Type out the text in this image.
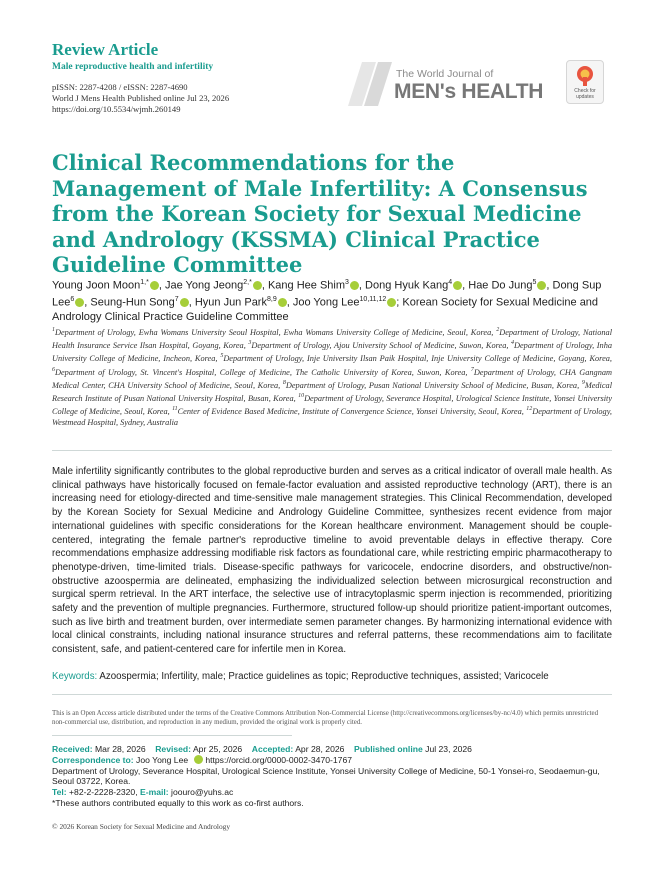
Review Article
Male reproductive health and infertility
pISSN: 2287-4208 / eISSN: 2287-4690
World J Mens Health Published online Jul 23, 2026
https://doi.org/10.5534/wjmh.260149
The World Journal of
MEN's HEALTH	Check for updates
Clinical Recommendations for the Management of Male Infertility: A Consensus from the Korean Society for Sexual Medicine and Andrology (KSSMA) Clinical Practice Guideline Committee
Young Joon Moon$^{1,*}$ , Jae Yong Jeong$^{2,*}$ , Kang Hee Shim$^3$ , Dong Hyuk Kang$^4$ , Hae Do Jung$^5$ , Dong Sup Lee$^6$ , Seung-Hun Song$^7$ , Hyun Jun Park$^{8,9}$ , Joo Yong Lee$^{10,11,12}$ ; Korean Society for Sexual Medicine and Andrology Clinical Practice Guideline Committee
$^1$Department of Urology, Ewha Womans University Seoul Hospital, Ewha Womans University College of Medicine, Seoul, Korea, $^2$Department of Urology, National Health Insurance Service Ilsan Hospital, Goyang, Korea, $^3$Department of Urology, Ajou University School of Medicine, Suwon, Korea, $^4$Department of Urology, Inha University College of Medicine, Incheon, Korea, $^5$Department of Urology, Inje University Ilsan Paik Hospital, Inje University College of Medicine, Goyang, Korea, $^6$Department of Urology, St. Vincent's Hospital, College of Medicine, The Catholic University of Korea, Suwon, Korea, $^7$Department of Urology, CHA Gangnam Medical Center, CHA University School of Medicine, Seoul, Korea, $^8$Department of Urology, Pusan National University School of Medicine, Busan, Korea, $^9$Medical Research Institute of Pusan National University Hospital, Busan, Korea, $^{10}$Department of Urology, Severance Hospital, Urological Science Institute, Yonsei University College of Medicine, Seoul, Korea, $^{11}$Center of Evidence Based Medicine, Institute of Convergence Science, Yonsei University, Seoul, Korea, $^{12}$Department of Urology, Westmead Hospital, Sydney, Australia
Male infertility significantly contributes to the global reproductive burden and serves as a critical indicator of overall male health. As clinical pathways have historically focused on female-factor evaluation and assisted reproductive technology (ART), there is an increasing need for etiology-directed and time-sensitive male management strategies. This Clinical Recommendation, developed by the Korean Society for Sexual Medicine and Andrology Guideline Committee, synthesizes recent evidence from major international guidelines with specific considerations for the Korean healthcare environment. Management should be couple-centered, integrating the female partner's reproductive timeline to avoid preventable delays in effective therapy. Core recommendations emphasize addressing modifiable risk factors as foundational care, while restricting empiric pharmacotherapy to phenotype-driven, time-limited trials. Disease-specific pathways for varicocele, endocrine disorders, and obstructive/non-obstructive azoospermia are delineated, emphasizing the individualized selection between microsurgical reconstruction and surgical sperm retrieval. In the ART interface, the selective use of intracytoplasmic sperm injection is recommended, prioritizing safety and the prevention of multiple pregnancies. Furthermore, structured follow-up should prioritize patient-important outcomes, such as live birth and treatment burden, over intermediate semen parameter changes. By harmonizing international evidence with local clinical constraints, including national insurance structures and referral patterns, these recommendations aim to facilitate consistent, safe, and patient-centered care for infertile men in Korea.
Keywords: Azoospermia; Infertility, male; Practice guidelines as topic; Reproductive techniques, assisted; Varicocele
This is an Open Access article distributed under the terms of the Creative Commons Attribution Non-Commercial License (http://creativecommons.org/licenses/by-nc/4.0) which permits unrestricted non-commercial use, distribution, and reproduction in any medium, provided the original work is properly cited.
Received: Mar 28, 2026 Revised: Apr 25, 2026 Accepted: Apr 28, 2026 Published online Jul 23, 2026
Correspondence to: Joo Yong Lee https://orcid.org/0000-0002-3470-1767
Department of Urology, Severance Hospital, Urological Science Institute, Yonsei University College of Medicine, 50-1 Yonsei-ro, Seodaemun-gu, Seoul 03722, Korea.
Tel: +82-2-2228-2320, E-mail: joouro@yuhs.ac
*These authors contributed equally to this work as co-first authors.
© 2026 Korean Society for Sexual Medicine and Andrology
